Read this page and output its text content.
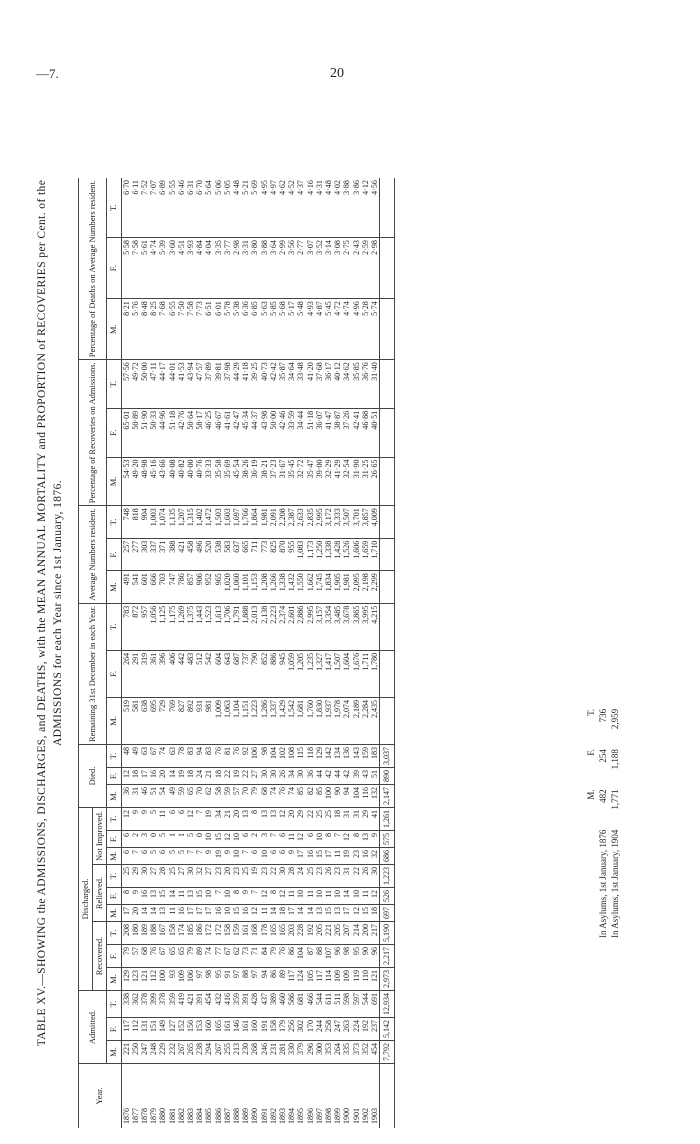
—7.	20
TABLE XV.—SHOWING the ADMISSIONS, DISCHARGES, and DEATHS, with the MEAN ANNUAL MORTALITY and PROPORTION of RECOVERIES per Cent. of the ADMISSIONS for each Year since 1st January, 1876.
Year.	Admitted.			Discharged.									Died.			Remaining 31st December in each Year.			Average Numbers resident.			Percentage of Recoveries on Admissions.			Percentage of Deaths on Average Numbers resident.		
				Recovered.			Relieved.			Not Improved.																	
	M.	F.	T.	M.	F.	T.	M.	F.	T.	M.	F.	T.	M.	F.	T.	M.	F.	T.	M.	F.	T.	M.	F.	T.	M.	F.	T.
1876	221	117	338	129	79	208	17	8	25	6	6	12	36	12	48	519	264	783	491	257	748	54·53	65·01	57·56	8·21	5·58	6·70
1877	250	112	362	123	57	180	20	9	29	7	2	9	31	18	49	581	291	872	541	277	818	49·20	50·89	49·72	5·76	7·58	6·11
1878	247	131	378	121	68	189	14	16	30	6	3	9	46	17	63	638	319	957	601	303	904	48·98	51·90	50·00	8·48	5·61	7·52
1879	248	151	399	112	76	188	14	13	27	5	0	5	51	16	67	695	361	1,056	666	337	1,003	45·16	50·33	47·11	8·25	4·74	7·07
1880	229	149	378	100	67	167	13	15	28	6	5	11	54	20	74	729	396	1,125	703	371	1,074	43·66	44·96	44·17	7·68	5·39	6·89
1881	232	127	359	93	65	158	11	14	25	5	1	6	49	14	63	769	406	1,175	747	388	1,135	40·08	51·18	44·01	6·55	3·60	5·55
1882	267	152	419	109	65	174	16	11	27	5	1	6	59	19	78	827	442	1,269	786	421	1,207	40·82	42·76	41·53	7·50	4·51	6·46
1883	265	156	421	106	79	185	17	13	30	7	5	12	65	18	83	892	483	1,375	857	458	1,315	40·00	50·64	43·94	7·58	3·93	6·31
1884	238	153	391	97	89	186	17	15	32	7	0	7	70	24	94	931	512	1,443	906	496	1,402	40·76	58·17	47·57	7·73	4·84	6·70
1885	294	160	454	98	74	172	17	10	27	9	10	19	62	21	83	981	542	1,523	952	520	1,472	33·33	46·25	37·89	6·51	4·04	5·64
1886	267	165	432	95	77	172	16	7	23	19	15	34	58	18	76	1,009	604	1,613	965	538	1,503	35·58	46·67	39·81	6·01	3·35	5·06
1887	255	161	416	91	67	158	10	10	20	9	12	21	59	22	81	1,063	643	1,706	1,020	583	1,603	35·69	41·61	37·98	5·78	3·77	5·05
1888	213	146	359	97	62	159	15	8	23	10	10	20	57	19	76	1,104	687	1,791	1,060	637	1,697	45·54	42·47	44·29	5·38	2·98	4·48
1889	230	161	391	88	73	161	16	9	25	7	6	13	70	22	92	1,151	737	1,888	1,101	665	1,766	38·26	45·34	41·18	6·36	3·31	5·21
1890	268	160	428	97	71	168	12	7	19	6	2	8	79	27	106	1,223	790	2,013	1,153	711	1,864	36·19	44·37	39·25	6·85	3·80	5·69
1891	246	191	437	94	84	178	11	12	23	10	3	13	68	30	98	1,286	852	2,138	1,208	773	1,981	38·21	43·98	40·73	5·63	3·88	4·95
1892	231	158	389	86	79	165	14	8	22	6	7	13	74	30	104	1,337	886	2,223	1,266	825	2,091	37·23	50·00	42·42	5·85	3·64	4·97
1893	281	179	460	89	76	165	18	12	30	6	6	12	76	26	102	1,429	945	2,374	1,338	870	2,208	31·67	42·46	35·87	5·68	2·99	4·62
1894	330	256	586	117	86	203	17	11	28	9	11	20	74	34	108	1,542	1,059	2,601	1,432	955	2,387	35·45	33·59	34·64	5·17	3·56	4·52
1895	379	302	681	124	104	228	14	10	24	17	12	29	85	30	115	1,681	1,205	2,886	1,550	1,083	2,633	32·72	34·44	33·48	5·48	2·77	4·37
1896	296	170	466	105	87	192	14	11	25	16	6	22	82	36	118	1,760	1,235	2,995	1,662	1,173	2,835	35·47	51·18	41·20	4·93	3·07	4·16
1897	300	244	544	117	88	205	13	10	23	15	10	25	85	44	129	1,830	1,327	3,157	1,745	1,250	2,995	39·00	36·07	37·68	4·87	3·52	4·31
1898	353	258	611	114	107	221	15	11	26	17	8	25	100	42	142	1,937	1,417	3,354	1,834	1,338	3,172	32·29	41·47	36·17	5·45	3·14	4·48
1899	264	247	511	109	96	205	13	10	23	11	7	18	90	44	134	1,978	1,507	3,485	1,905	1,428	3,333	41·29	38·87	40·12	4·72	3·08	4·02
1900	335	263	598	109	98	207	17	14	31	19	12	31	94	42	136	2,074	1,604	3,678	1,981	1,526	3,507	32·54	37·26	34·62	4·74	2·75	3·88
1901	373	224	597	119	95	214	12	10	22	23	8	31	104	39	143	2,189	1,676	3,865	2,095	1,606	3,701	31·90	42·41	35·85	4·96	2·43	3·86
1902	352	192	544	110	90	200	15	11	26	16	13	29	116	43	159	2,284	1,711	3,995	2,198	1,659	3,857	31·25	46·88	36·76	5·28	2·59	4·12
1903	454	237	691	121	96	217	18	12	30	32	9	41	132	51	183	2,435	1,780	4,215	2,299	1,710	4,009	26·65	40·51	31·40	5·74	2·98	4·56
	7,792	5,142	12,934	2,973	2,217	5,190	697	526	1,223	686	575	1,261	2,147	890	3,037												
	M.	F.	T.
In Asylums, 1st January, 1876	482	254	736
In Asylums, 1st January, 1904	1,771	1,188	2,959
